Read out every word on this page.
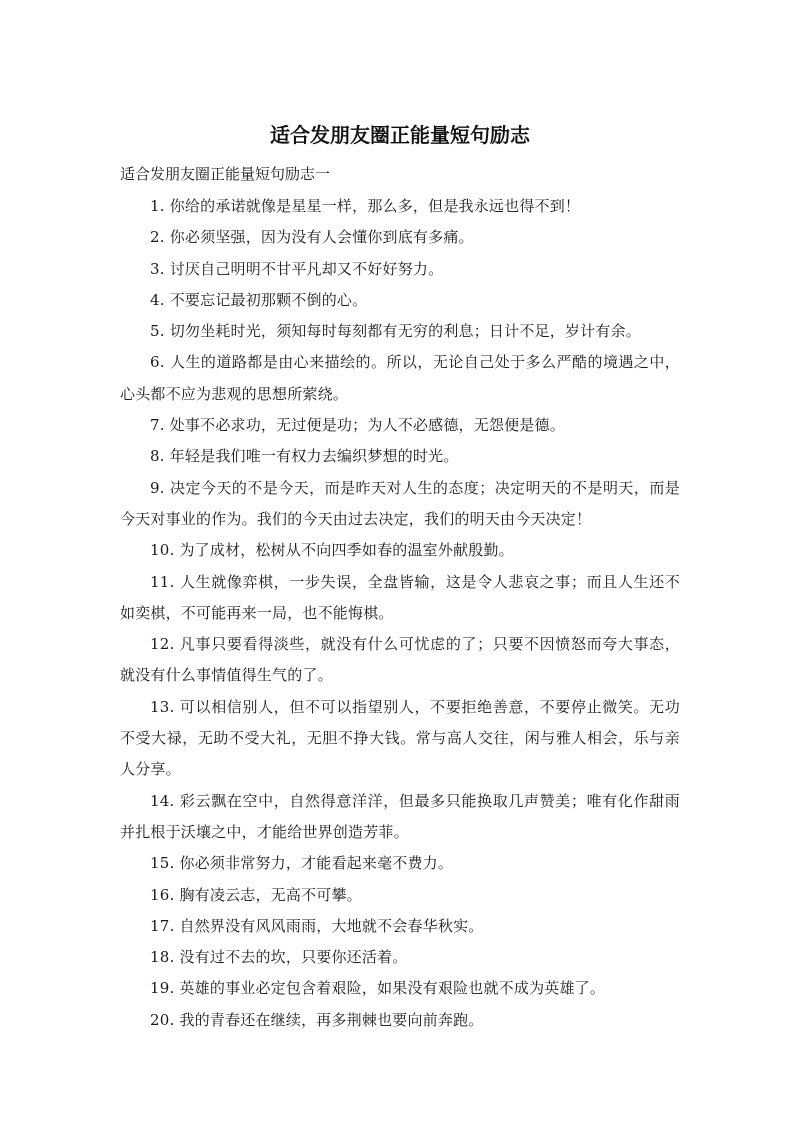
适合发朋友圈正能量短句励志

适合发朋友圈正能量短句励志一

1. 你给的承诺就像是星星一样，那么多，但是我永远也得不到！

2. 你必须坚强，因为没有人会懂你到底有多痛。

3. 讨厌自己明明不甘平凡却又不好好努力。

4. 不要忘记最初那颗不倒的心。

5. 切勿坐耗时光，须知每时每刻都有无穷的利息；日计不足，岁计有余。

6. 人生的道路都是由心来描绘的。所以，无论自己处于多么严酷的境遇之中，心头都不应为悲观的思想所萦绕。

7. 处事不必求功，无过便是功；为人不必感德，无怨便是德。

8. 年轻是我们唯一有权力去编织梦想的时光。

9. 决定今天的不是今天，而是昨天对人生的态度；决定明天的不是明天，而是今天对事业的作为。我们的今天由过去决定，我们的明天由今天决定！

10. 为了成材，松树从不向四季如春的温室外献殷勤。

11. 人生就像弈棋，一步失误，全盘皆输，这是令人悲哀之事；而且人生还不如奕棋，不可能再来一局，也不能悔棋。

12. 凡事只要看得淡些，就没有什么可忧虑的了；只要不因愤怒而夸大事态，就没有什么事情值得生气的了。

13. 可以相信别人，但不可以指望别人，不要拒绝善意，不要停止微笑。无功不受大禄，无助不受大礼，无胆不挣大钱。常与高人交往，闲与雅人相会，乐与亲人分享。

14. 彩云飘在空中，自然得意洋洋，但最多只能换取几声赞美；唯有化作甜雨并扎根于沃壤之中，才能给世界创造芳菲。

15. 你必须非常努力，才能看起来毫不费力。

16. 胸有凌云志，无高不可攀。

17. 自然界没有风风雨雨，大地就不会春华秋实。

18. 没有过不去的坎，只要你还活着。

19. 英雄的事业必定包含着艰险，如果没有艰险也就不成为英雄了。

20. 我的青春还在继续，再多荆棘也要向前奔跑。
